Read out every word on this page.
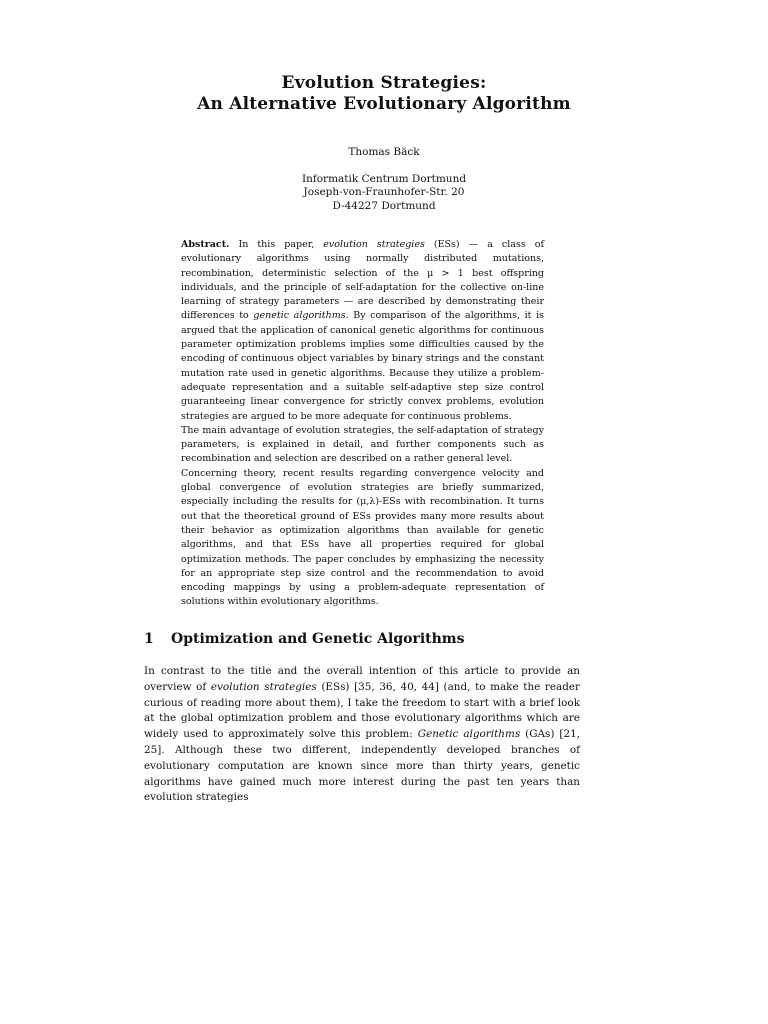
Evolution Strategies:
An Alternative Evolutionary Algorithm
Thomas Bäck
Informatik Centrum Dortmund
Joseph-von-Fraunhofer-Str. 20
D-44227 Dortmund

Abstract. In this paper, evolution strategies (ESs) — a class of evolutionary algorithms using normally distributed mutations, recombination, deterministic selection of the μ > 1 best offspring individuals, and the principle of self-adaptation for the collective on-line learning of strategy parameters — are described by demonstrating their differences to genetic algorithms. By comparison of the algorithms, it is argued that the application of canonical genetic algorithms for continuous parameter optimization problems implies some difficulties caused by the encoding of continuous object variables by binary strings and the constant mutation rate used in genetic algorithms. Because they utilize a problem-adequate representation and a suitable self-adaptive step size control guaranteeing linear convergence for strictly convex problems, evolution strategies are argued to be more adequate for continuous problems.

The main advantage of evolution strategies, the self-adaptation of strategy parameters, is explained in detail, and further components such as recombination and selection are described on a rather general level.

Concerning theory, recent results regarding convergence velocity and global convergence of evolution strategies are briefly summarized, especially including the results for (μ,λ)-ESs with recombination. It turns out that the theoretical ground of ESs provides many more results about their behavior as optimization algorithms than available for genetic algorithms, and that ESs have all properties required for global optimization methods. The paper concludes by emphasizing the necessity for an appropriate step size control and the recommendation to avoid encoding mappings by using a problem-adequate representation of solutions within evolutionary algorithms.

1 Optimization and Genetic Algorithms

In contrast to the title and the overall intention of this article to provide an overview of evolution strategies (ESs) [35, 36, 40, 44] (and, to make the reader curious of reading more about them), I take the freedom to start with a brief look at the global optimization problem and those evolutionary algorithms which are widely used to approximately solve this problem: Genetic algorithms (GAs) [21, 25]. Although these two different, independently developed branches of evolutionary computation are known since more than thirty years, genetic algorithms have gained much more interest during the past ten years than evolution strategies
